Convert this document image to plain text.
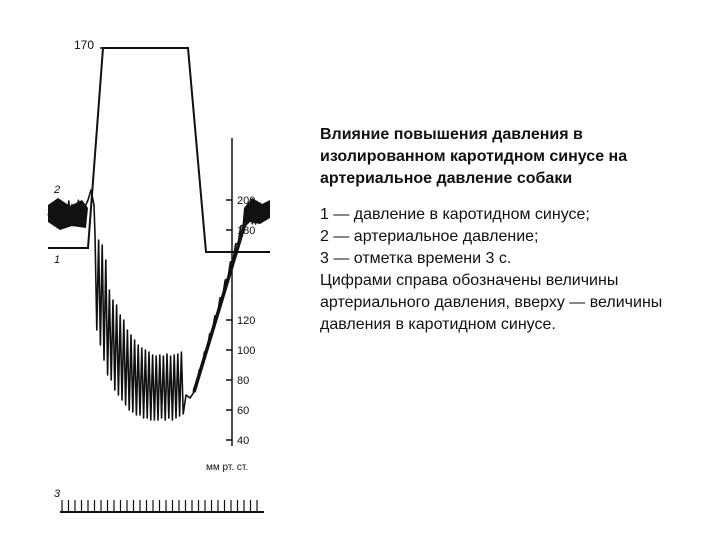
170
200
180
120
100
80
60
40
мм рт. ст.
2
1
3
Влияние повышения давления в изолированном каротидном синусе на артериальное давление собаки

1 — давление в каротидном синусе;

2 — артериальное давление;

3 — отметка времени 3 с.

Цифрами справа обозначены величины артериального давления, вверху — величины давления в каротидном синусе.
